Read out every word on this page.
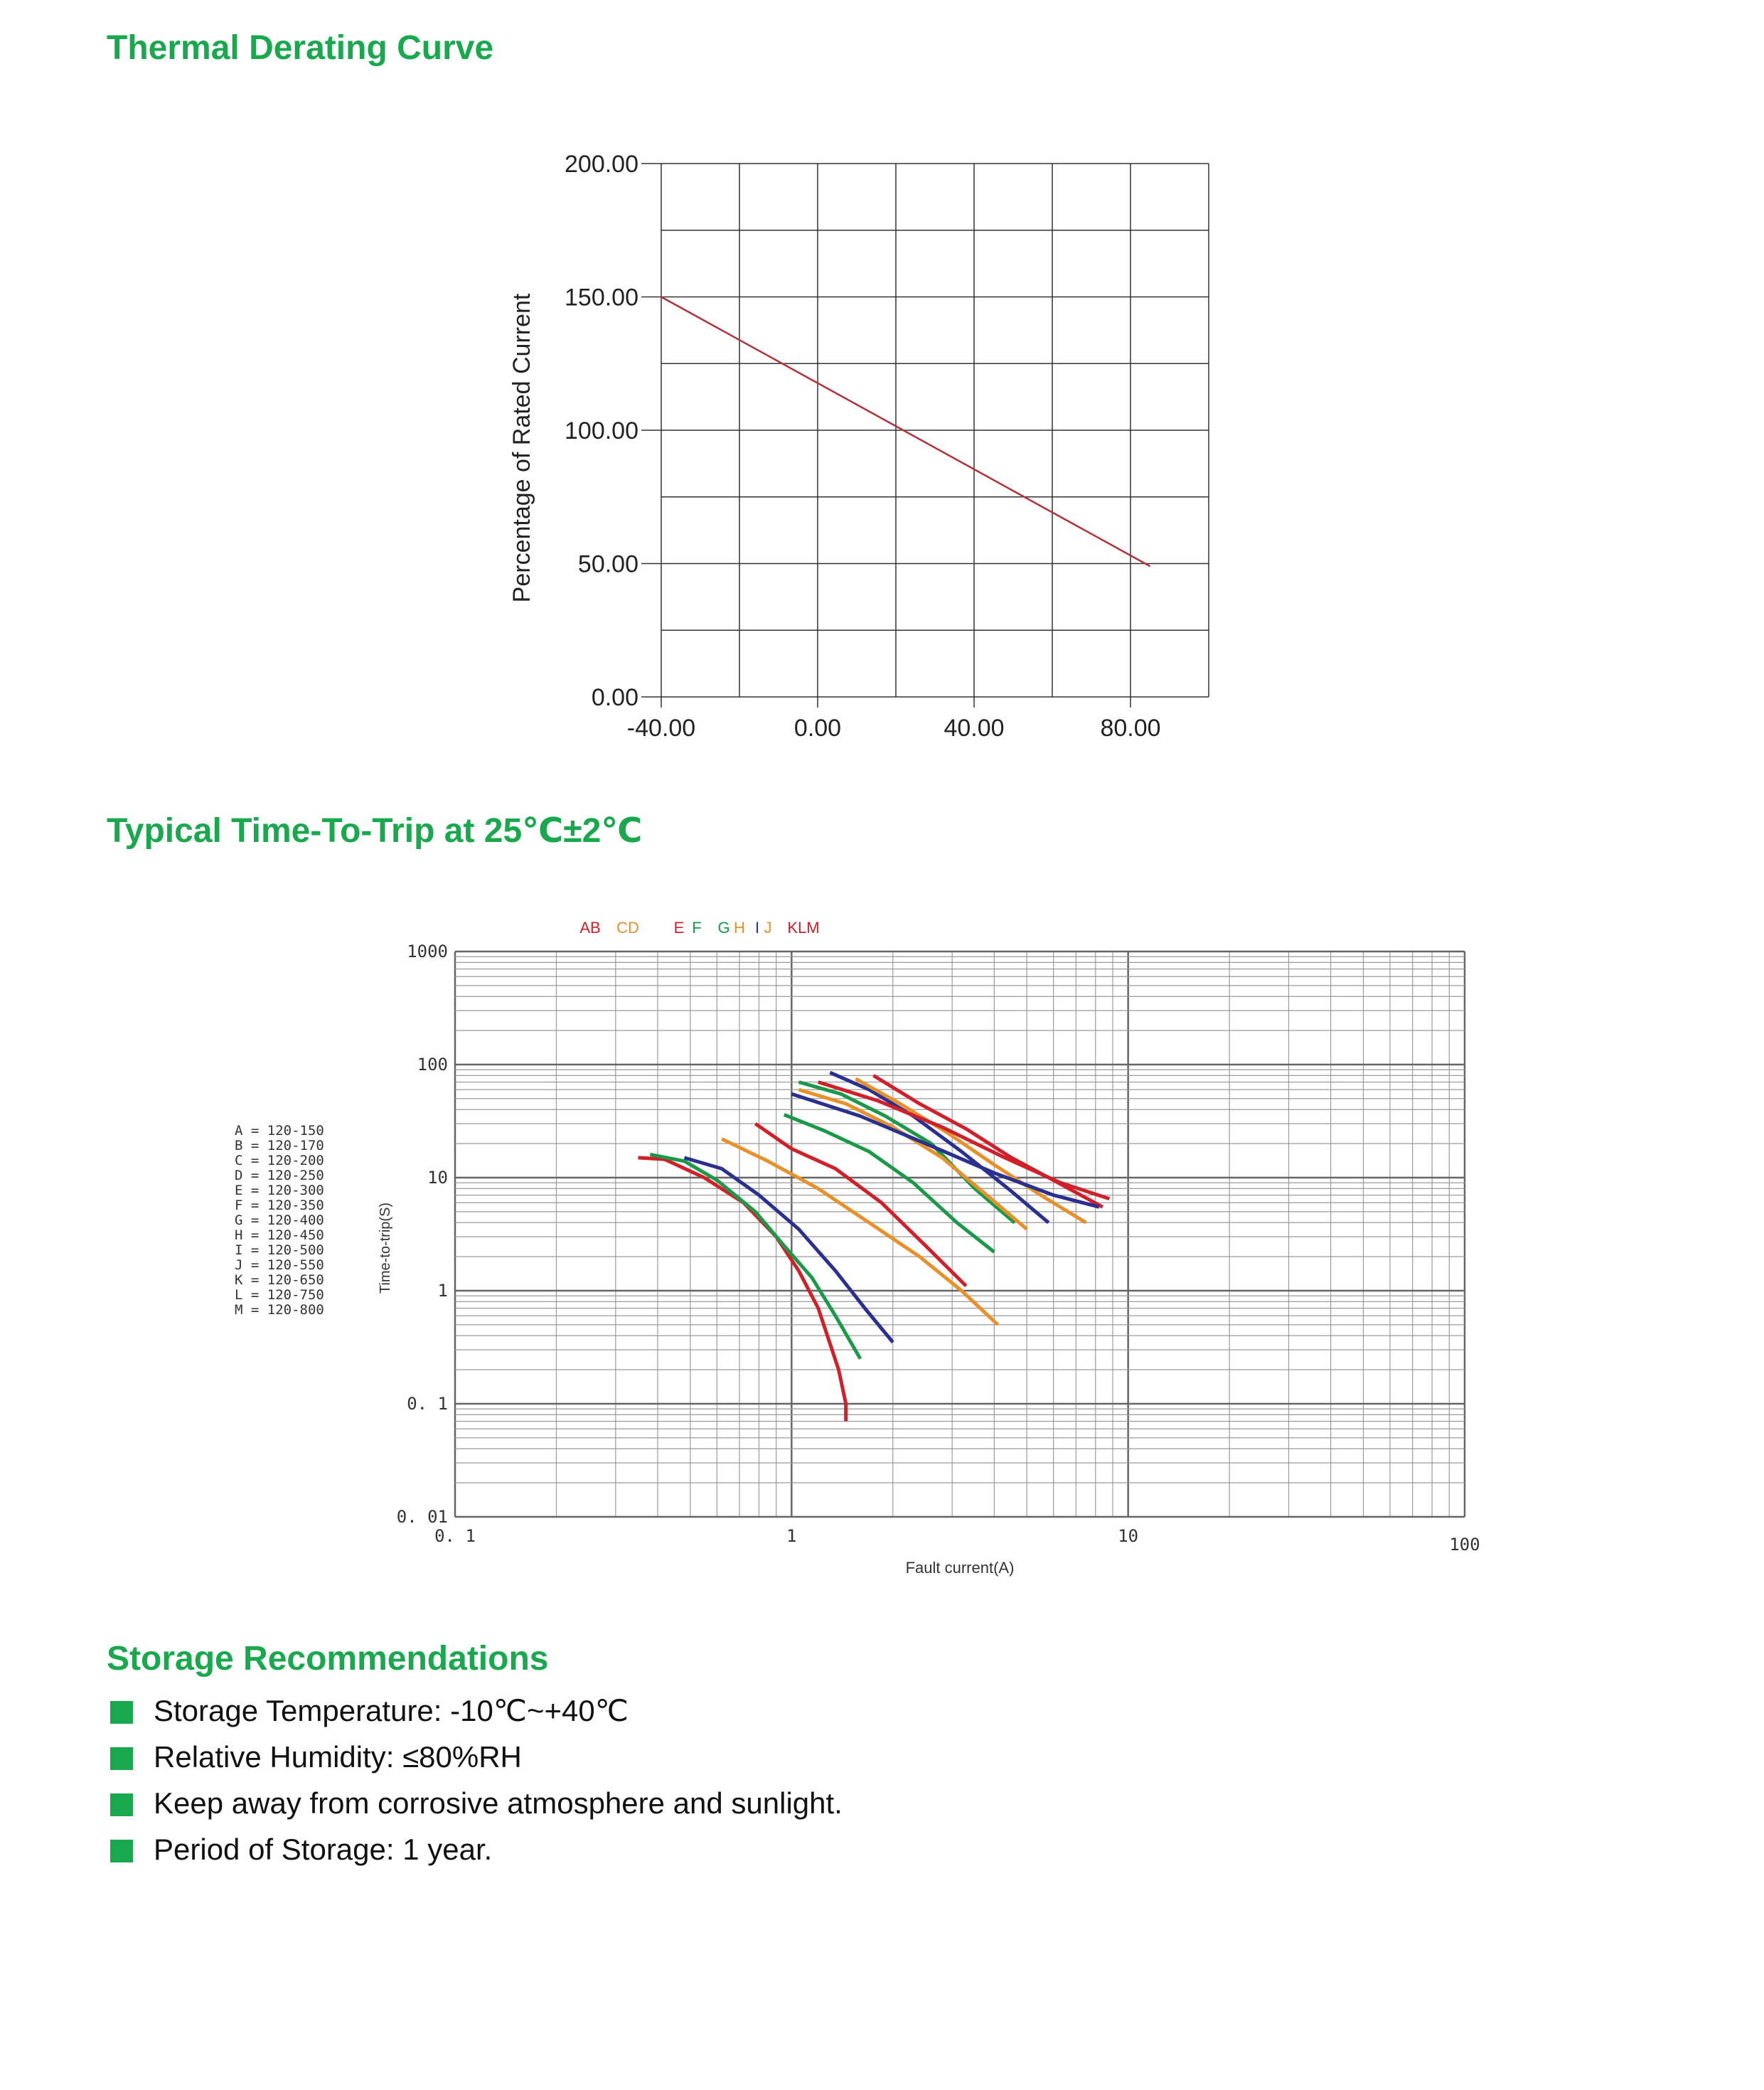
Thermal Derating Curve
Typical Time-To-Trip at 25℃±2℃
Storage Recommendations
0.00
50.00
100.00
150.00
200.00
-40.00	0.00	40.00	80.00
Percentage of Rated Current
1000
100
10
1
0. 1
0. 01
0. 1	1	10	100
Fault current(A)
Time-to-trip(S)
AB CD E F G H I J KLM
A = 120-150
B = 120-170
C = 120-200
D = 120-250
E = 120-300
F = 120-350
G = 120-400
H = 120-450
I = 120-500
J = 120-550
K = 120-650
L = 120-750
M = 120-800
Storage Temperature: -10℃~+40℃
Relative Humidity: ≤80%RH
Keep away from corrosive atmosphere and sunlight.
Period of Storage: 1 year.
